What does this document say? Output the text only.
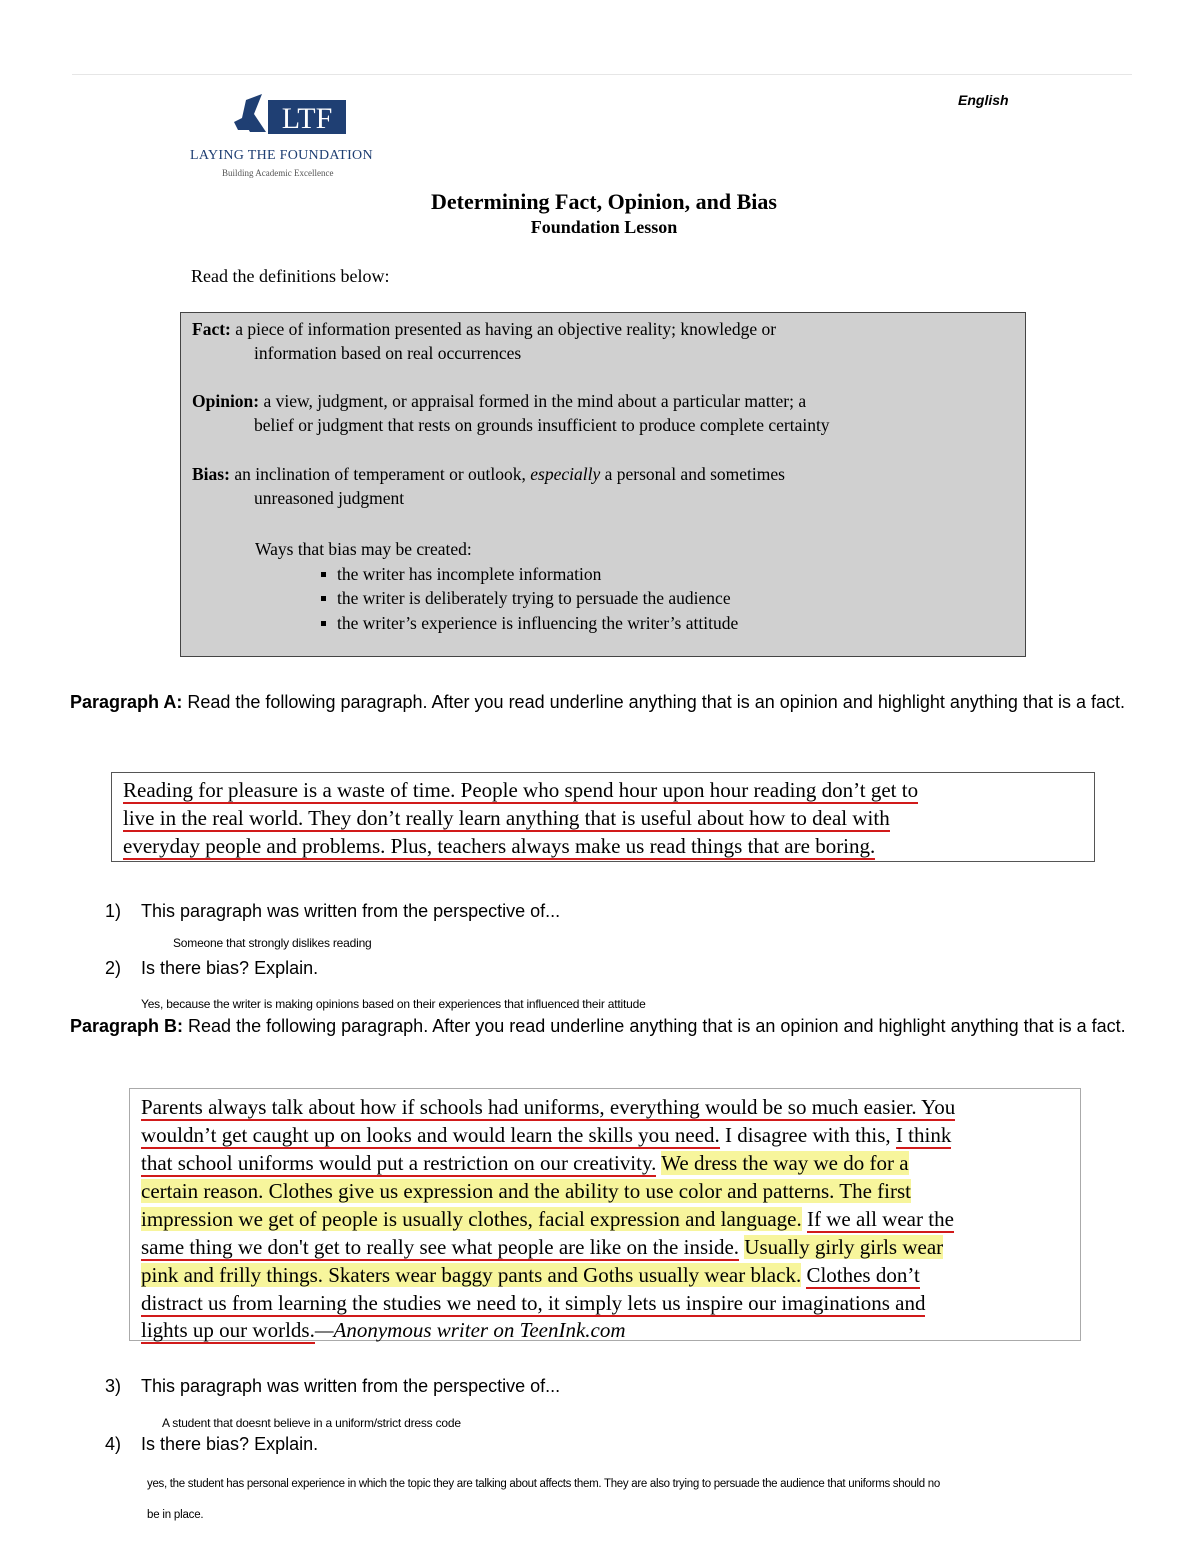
LTF
LAYING THE FOUNDATION
Building Academic Excellence
English
Determining Fact, Opinion, and Bias
Foundation Lesson
Read the definitions below:
Fact: a piece of information presented as having an objective reality; knowledge or
information based on real occurrences
Opinion: a view, judgment, or appraisal formed in the mind about a particular matter; a
belief or judgment that rests on grounds insufficient to produce complete certainty
Bias: an inclination of temperament or outlook, especially a personal and sometimes
unreasoned judgment
Ways that bias may be created:
the writer has incomplete information
the writer is deliberately trying to persuade the audience
the writer’s experience is influencing the writer’s attitude
Paragraph A: Read the following paragraph. After you read underline anything that is an opinion and highlight anything that is a fact.
Reading for pleasure is a waste of time. People who spend hour upon hour reading don’t get to
live in the real world. They don’t really learn anything that is useful about how to deal with
everyday people and problems. Plus, teachers always make us read things that are boring.
1) This paragraph was written from the perspective of...
Someone that strongly dislikes reading
2) Is there bias? Explain.
Yes, because the writer is making opinions based on their experiences that influenced their attitude
Paragraph B: Read the following paragraph. After you read underline anything that is an opinion and highlight anything that is a fact.
Parents always talk about how if schools had uniforms, everything would be so much easier. You
wouldn’t get caught up on looks and would learn the skills you need. I disagree with this, I think
that school uniforms would put a restriction on our creativity. We dress the way we do for a
certain reason. Clothes give us expression and the ability to use color and patterns. The first
impression we get of people is usually clothes, facial expression and language. If we all wear the
same thing we don't get to really see what people are like on the inside. Usually girly girls wear
pink and frilly things. Skaters wear baggy pants and Goths usually wear black. Clothes don’t
distract us from learning the studies we need to, it simply lets us inspire our imaginations and
lights up our worlds.—Anonymous writer on TeenInk.com
3) This paragraph was written from the perspective of...
A student that doesnt believe in a uniform/strict dress code
4) Is there bias? Explain.
yes, the student has personal experience in which the topic they are talking about affects them. They are also trying to persuade the audience that uniforms should no
be in place.
